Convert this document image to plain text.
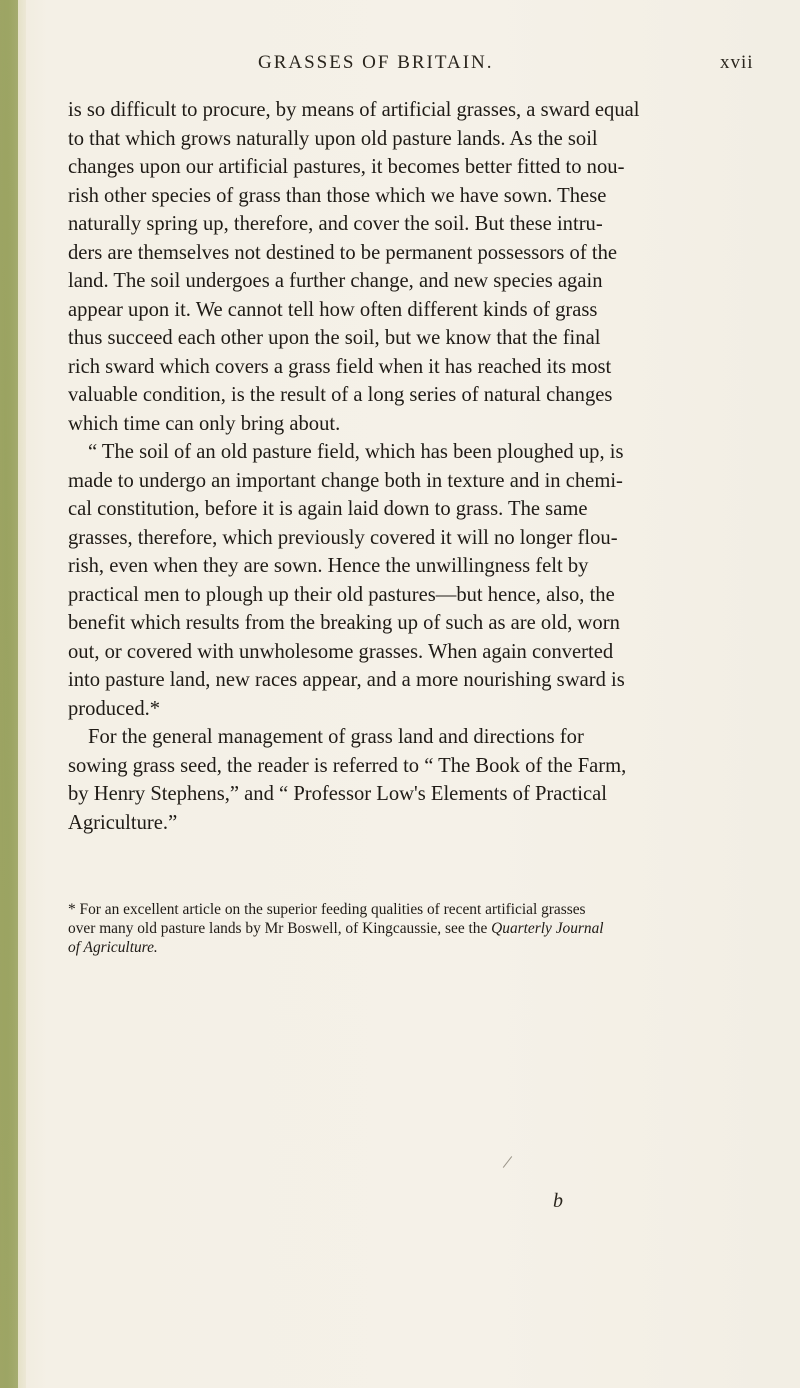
GRASSES OF BRITAIN.	xvii

is so difficult to procure, by means of artificial grasses, a sward equal
to that which grows naturally upon old pasture lands. As the soil
changes upon our artificial pastures, it becomes better fitted to nou-
rish other species of grass than those which we have sown. These
naturally spring up, therefore, and cover the soil. But these intru-
ders are themselves not destined to be permanent possessors of the
land. The soil undergoes a further change, and new species again
appear upon it. We cannot tell how often different kinds of grass
thus succeed each other upon the soil, but we know that the final
rich sward which covers a grass field when it has reached its most
valuable condition, is the result of a long series of natural changes
which time can only bring about.

“ The soil of an old pasture field, which has been ploughed up, is
made to undergo an important change both in texture and in chemi-
cal constitution, before it is again laid down to grass. The same
grasses, therefore, which previously covered it will no longer flou-
rish, even when they are sown. Hence the unwillingness felt by
practical men to plough up their old pastures—but hence, also, the
benefit which results from the breaking up of such as are old, worn
out, or covered with unwholesome grasses. When again converted
into pasture land, new races appear, and a more nourishing sward is
produced.*

For the general management of grass land and directions for
sowing grass seed, the reader is referred to “ The Book of the Farm,
by Henry Stephens,” and “ Professor Low's Elements of Practical
Agriculture.”

* For an excellent article on the superior feeding qualities of recent artificial grasses
over many old pasture lands by Mr Boswell, of Kingcaussie, see the Quarterly Journal
of Agriculture.
b
